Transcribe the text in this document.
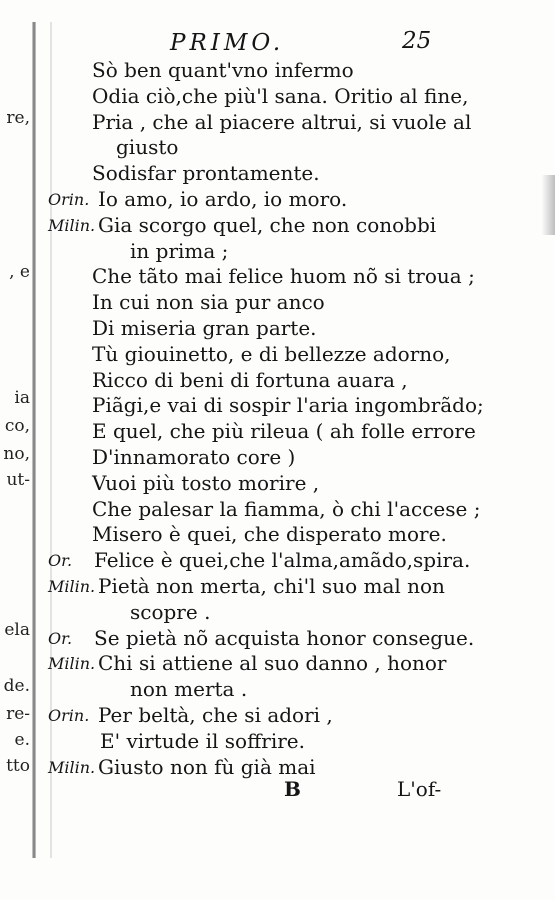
re,
, e
ia
co,
no,
ut-
ela
de.
re-
e.
tto
PRIMO.	25
Sò ben quant'vno infermo
Odia ciò,che più'l sana. Oritio al fine,
Pria , che al piacere altrui, si vuole al
giusto
Sodisfar prontamente.
Orin. Io amo, io ardo, io moro.
Milin. Gia scorgo quel, che non conobbi
in prima ;
Che tãto mai felice huom nõ si troua ;
In cui non sia pur anco
Di miseria gran parte.
Tù giouinetto, e di bellezze adorno,
Ricco di beni di fortuna auara ,
Piãgi,e vai di sospir l'aria ingombrãdo;
E quel, che più rileua ( ah folle errore
D'innamorato core )
Vuoi più tosto morire ,
Che palesar la fiamma, ò chi l'accese ;
Misero è quei, che disperato more.
Or. Felice è quei,che l'alma,amãdo,spira.
Milin. Pietà non merta, chi'l suo mal non
scopre .
Or. Se pietà nõ acquista honor consegue.
Milin. Chi si attiene al suo danno , honor
non merta .
Orin. Per beltà, che si adori ,
E' virtude il soffrire.
Milin. Giusto non fù già mai
B	L'of-
